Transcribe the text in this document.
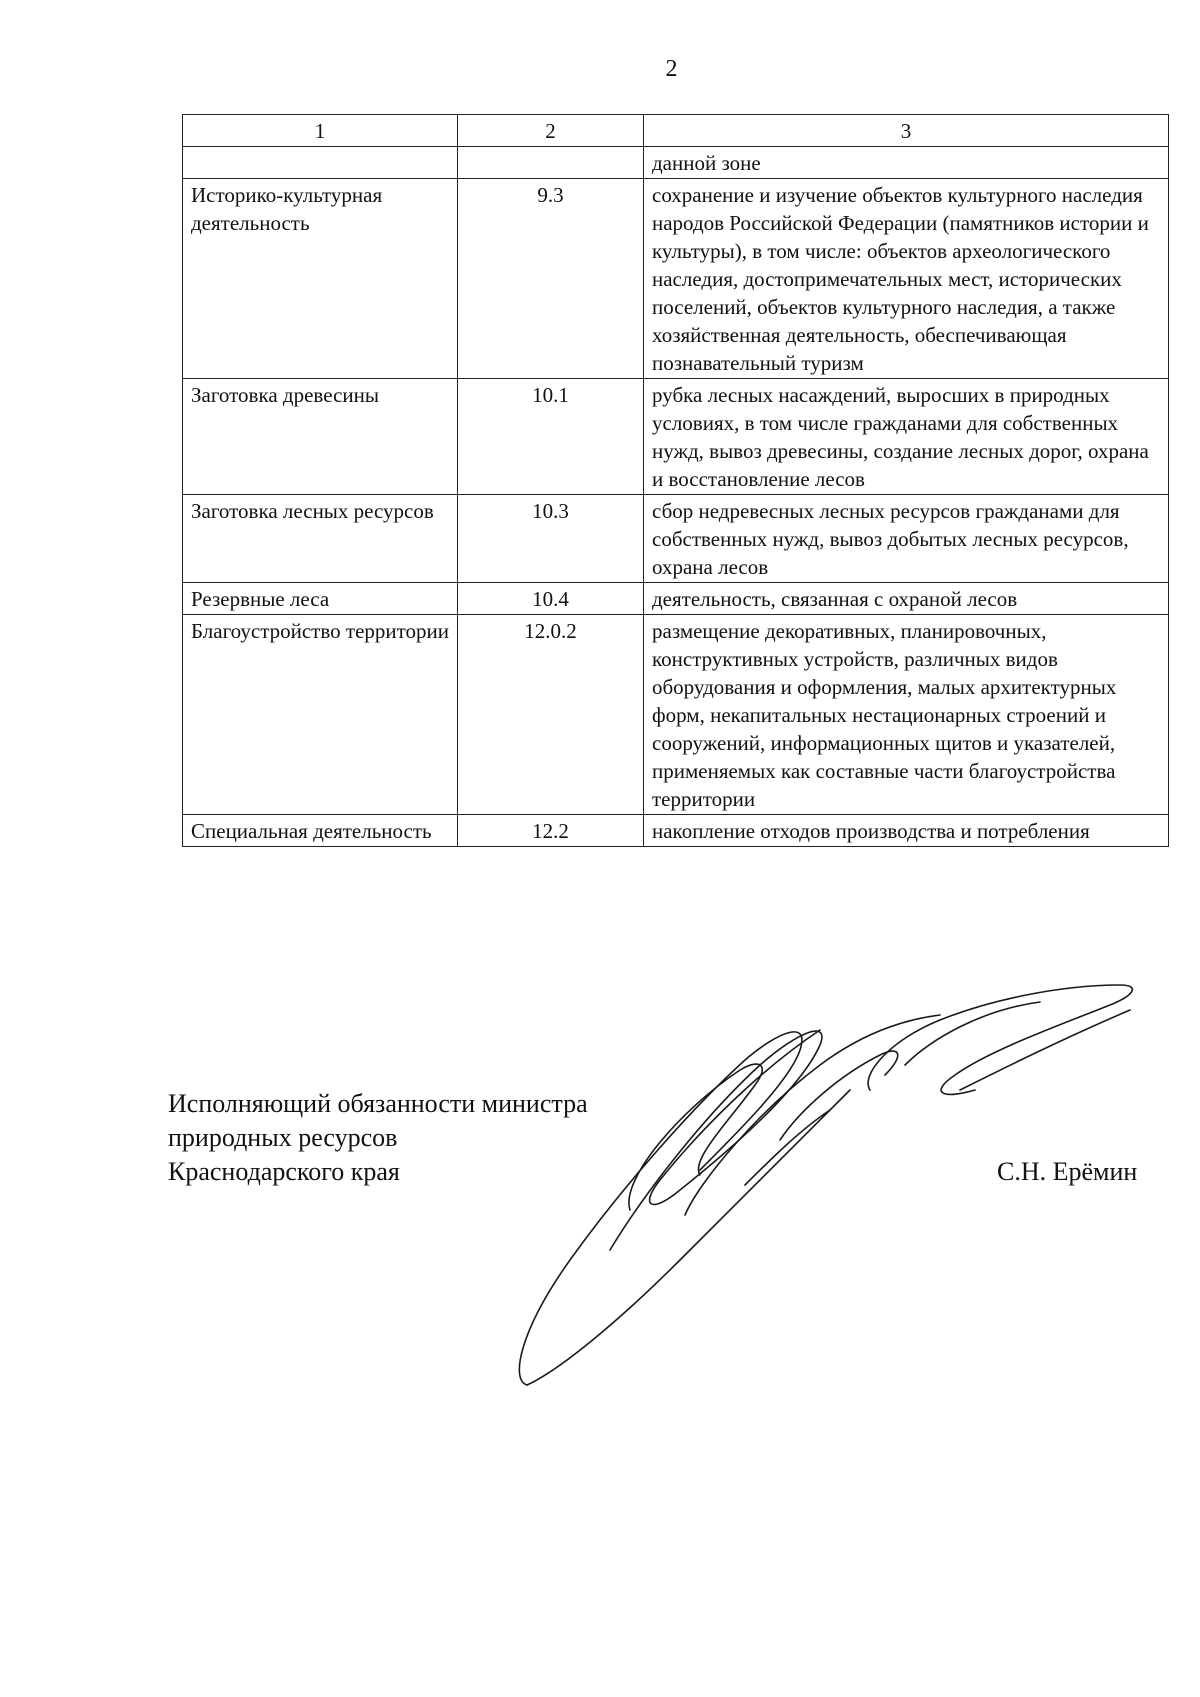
2
1	2	3
		данной зоне
Историко-культурная деятельность	9.3	сохранение и изучение объектов культурного наследия народов Российской Федерации (памятников истории и культуры), в том числе: объектов археологического наследия, достопримечательных мест, исторических поселений, объектов культурного наследия, а также хозяйственная деятельность, обеспечивающая познавательный туризм
Заготовка древесины	10.1	рубка лесных насаждений, выросших в природных условиях, в том числе гражданами для собственных нужд, вывоз древесины, создание лесных дорог, охрана и восстановление лесов
Заготовка лесных ресурсов	10.3	сбор недревесных лесных ресурсов гражданами для собственных нужд, вывоз добытых лесных ресурсов, охрана лесов
Резервные леса	10.4	деятельность, связанная с охраной лесов
Благоустройство территории	12.0.2	размещение декоративных, планировочных, конструктивных устройств, различных видов оборудования и оформления, малых архитектурных форм, некапитальных нестационарных строений и сооружений, информационных щитов и указателей, применяемых как составные части благоустройства территории
Специальная деятельность	12.2	накопление отходов производства и потребления
Исполняющий обязанности министра
природных ресурсов
Краснодарского края	С.Н. Ерёмин
